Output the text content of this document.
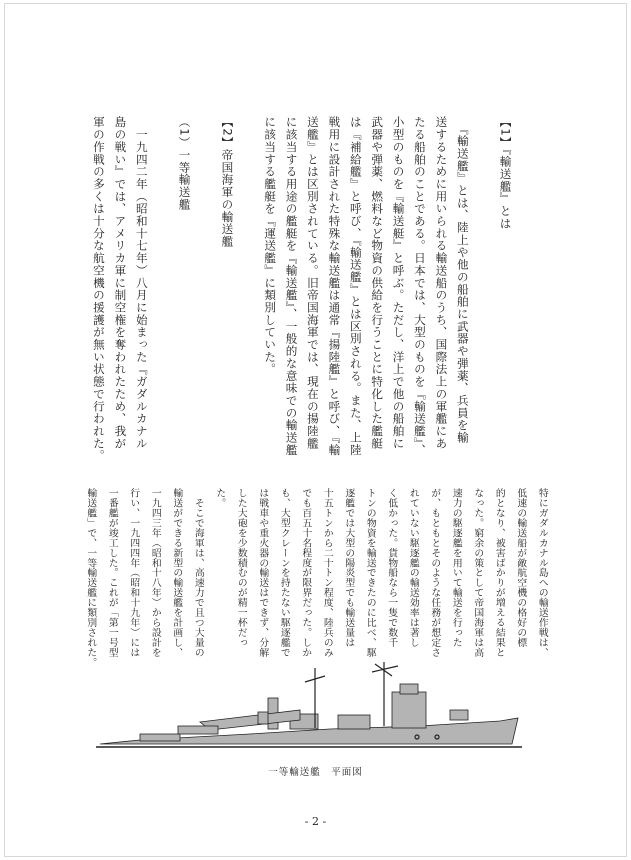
【1】『輸送艦』とは
　『輸送艦』とは、陸上や他の船舶に武器や弾薬、兵員を輸
送するために用いられる輸送船のうち、国際法上の軍艦にあ
たる船舶のことである。日本では、大型のものを『輸送艦』、
小型のものを『輸送艇』と呼ぶ。ただし、洋上で他の船舶に
武器や弾薬、燃料など物資の供給を行うことに特化した艦艇
は『補給艦』と呼び、『輸送艦』とは区別される。また、上陸
戦用に設計された特殊な輸送艦は通常『揚陸艦』と呼び、『輸
送艦』とは区別されている。旧帝国海軍では、現在の揚陸艦
に該当する用途の艦艇を『輸送艦』、一般的な意味での輸送艦
に該当する艦艇を『運送艦』に類別していた。
【2】帝国海軍の輸送艦
（1）一等輸送艦
　一九四二年（昭和十七年）八月に始まった『ガダルカナル
島の戦い』では、アメリカ軍に制空権を奪われたため、我が
軍の作戦の多くは十分な航空機の援護が無い状態で行われた。
特にガダルカナル島への輸送作戦は、
低速の輸送船が敵航空機の格好の標
的となり、被害ばかりが増える結果と
なった。窮余の策として帝国海軍は高
速力の駆逐艦を用いて輸送を行った
が、もともとそのような任務が想定さ
れていない駆逐艦の輸送効率は著し
く低かった。貨物船なら一隻で数千
トンの物資を輸送できたのに比べ、駆
逐艦では大型の陽炎型でも輸送量は
十五トンから二十トン程度、陸兵のみ
でも百五十名程度が限界だった。しか
も、大型クレーンを持たない駆逐艦で
は戦車や重火器の輸送はできず、分解
した大砲を少数積むのが精一杯だっ
た。
　そこで海軍は、高速力で且つ大量の
輸送ができる新型の輸送艦を計画し、
一九四三年（昭和十八年）から設計を
行い、一九四四年（昭和十九年）には
一番艦が竣工した。これが「第一号型
輸送艦」で、一等輸送艦に類別された。
一等輸送艦　平面図
- 2 -
